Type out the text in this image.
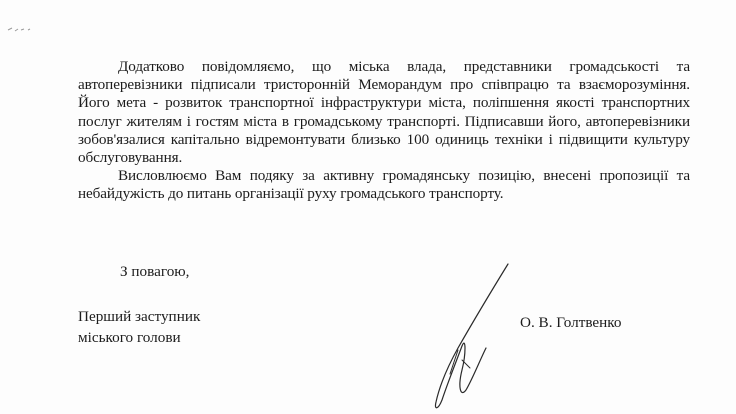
Додатково повідомляємо, що міська влада, представники громадськості та автоперевізники підписали тристоронній Меморандум про співпрацю та взаєморозуміння. Його мета - розвиток транспортної інфраструктури міста, поліпшення якості транспортних послуг жителям і гостям міста в громадському транспорті. Підписавши його, автоперевізники зобов'язалися капітально відремонтувати близько 100 одиниць техніки і підвищити культуру обслуговування.

Висловлюємо Вам подяку за активну громадянську позицію, внесені пропозиції та небайдужість до питань організації руху громадського транспорту.

З повагою,
Перший заступник
міського голови
О. В. Голтвенко
